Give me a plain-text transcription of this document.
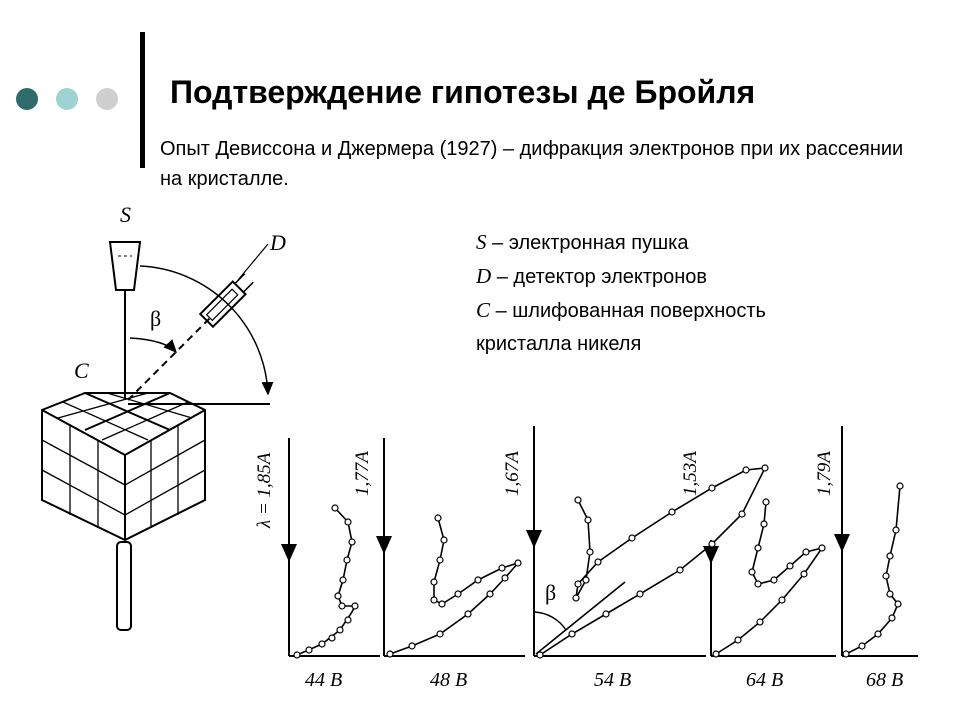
Подтверждение гипотезы де Бройля
Опыт Девиссона и Джермера (1927) – дифракция электронов при их рассеянии на кристалле.
S – электронная пушка
D – детектор электронов
C – шлифованная поверхность
кристалла никеля
S
D
C
β
λ = 1,85А	1,77А	1,67А	1,53А	1,79А
β
44 В	48 В	54 В	64 В	68 В
